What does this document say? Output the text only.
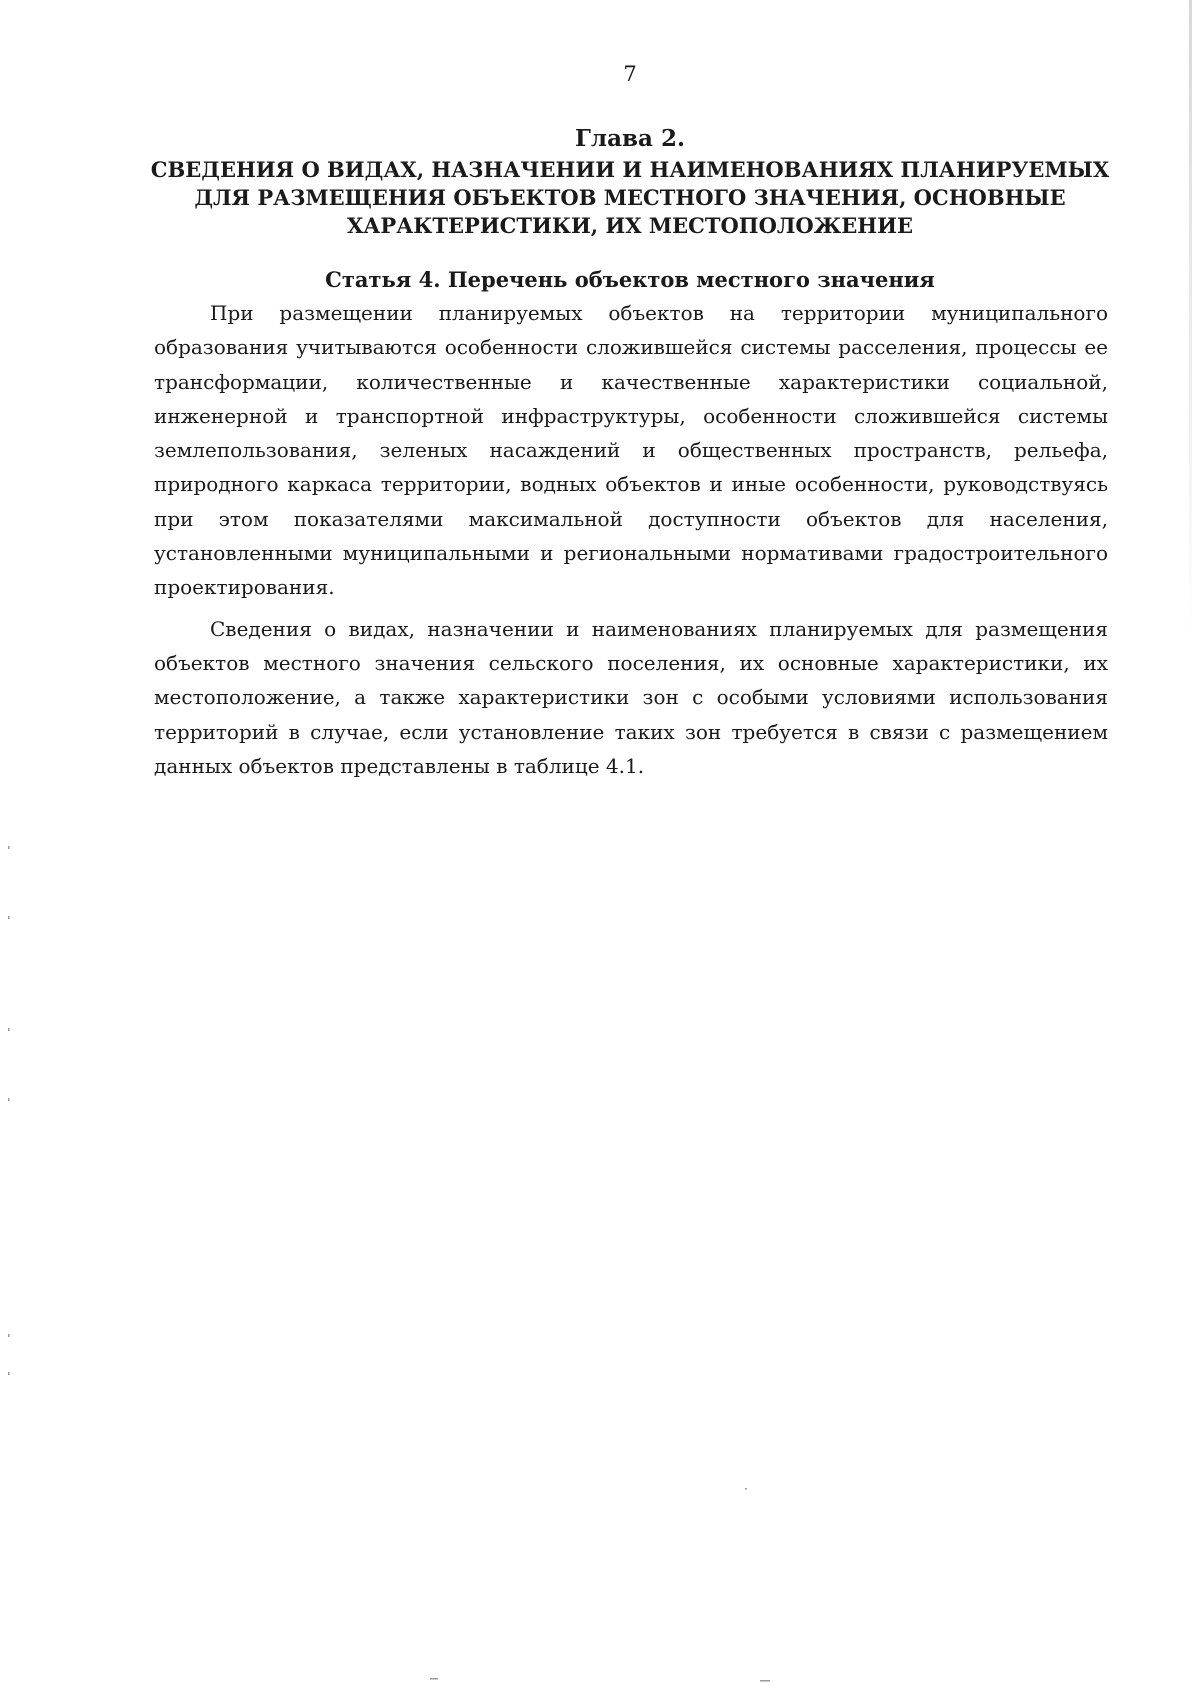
7

Глава 2.

СВЕДЕНИЯ О ВИДАХ, НАЗНАЧЕНИИ И НАИМЕНОВАНИЯХ ПЛАНИРУЕМЫХ ДЛЯ РАЗМЕЩЕНИЯ ОБЪЕКТОВ МЕСТНОГО ЗНАЧЕНИЯ, ОСНОВНЫЕ ХАРАКТЕРИСТИКИ, ИХ МЕСТОПОЛОЖЕНИЕ

Статья 4. Перечень объектов местного значения

При размещении планируемых объектов на территории муниципального образования учитываются особенности сложившейся системы расселения, процессы ее трансформации, количественные и качественные характеристики социальной, инженерной и транспортной инфраструктуры, особенности сложившейся системы землепользования, зеленых насаждений и общественных пространств, рельефа, природного каркаса территории, водных объектов и иные особенности, руководствуясь при этом показателями максимальной доступности объектов для населения, установленными муниципальными и региональными нормативами градостроительного проектирования.

Сведения о видах, назначении и наименованиях планируемых для размещения объектов местного значения сельского поселения, их основные характеристики, их местоположение, а также характеристики зон с особыми условиями использования территорий в случае, если установление таких зон требуется в связи с размещением данных объектов представлены в таблице 4.1.
